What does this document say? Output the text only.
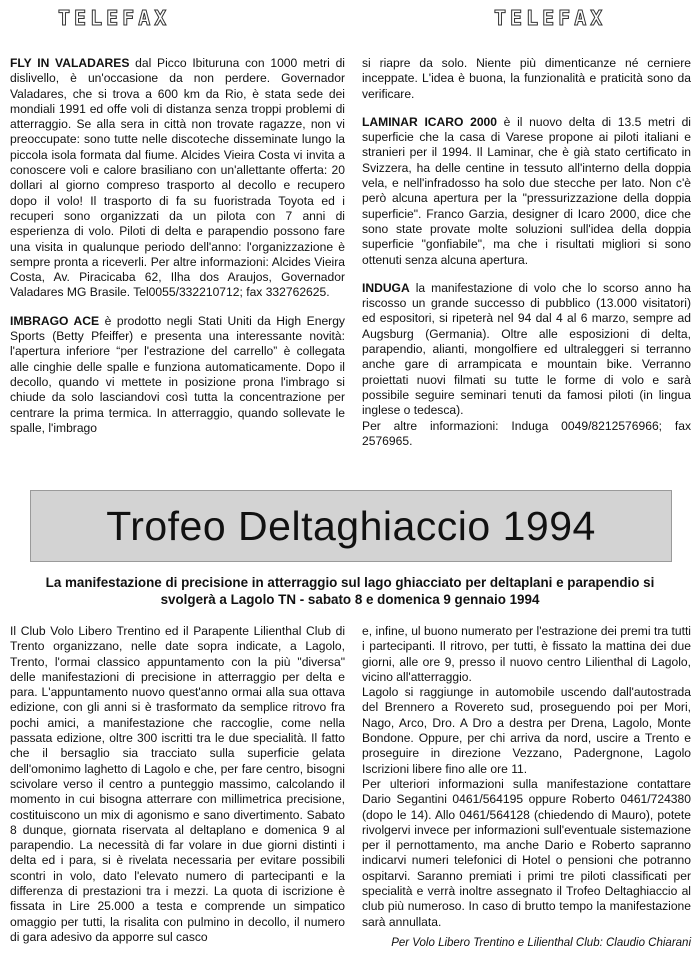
TELEFAX	TELEFAX

FLY IN VALADARES dal Picco Ibituruna con 1000 metri di dislivello, è un'occasione da non perdere. Governador Valadares, che si trova a 600 km da Rio, è stata sede dei mondiali 1991 ed offe voli di distanza senza troppi problemi di atterraggio. Se alla sera in città non trovate ragazze, non vi preoccupate: sono tutte nelle discoteche disseminate lungo la piccola isola formata dal fiume. Alcides Vieira Costa vi invita a conoscere voli e calore brasiliano con un'allettante offerta: 20 dollari al giorno compreso trasporto al decollo e recupero dopo il volo! Il trasporto di fa su fuoristrada Toyota ed i recuperi sono organizzati da un pilota con 7 anni di esperienza di volo. Piloti di delta e parapendio possono fare una visita in qualunque periodo dell'anno: l'organizzazione è sempre pronta a riceverli. Per altre informazioni: Alcides Vieira Costa, Av. Piracicaba 62, Ilha dos Araujos, Governador Valadares MG Brasile. Tel0055/332210712; fax 332762625.

IMBRAGO ACE è prodotto negli Stati Uniti da High Energy Sports (Betty Pfeiffer) e presenta una interessante novità: l'apertura inferiore “per l'estrazione del carrello” è collegata alle cinghie delle spalle e funziona automaticamente. Dopo il decollo, quando vi mettete in posizione prona l'imbrago si chiude da solo lasciandovi così tutta la concentrazione per centrare la prima termica. In atterraggio, quando sollevate le spalle, l'imbrago

si riapre da solo. Niente più dimenticanze né cerniere inceppate. L'idea è buona, la funzionalità e praticità sono da verificare.

LAMINAR ICARO 2000 è il nuovo delta di 13.5 metri di superficie che la casa di Varese propone ai piloti italiani e stranieri per il 1994. Il Laminar, che è già stato certificato in Svizzera, ha delle centine in tessuto all'interno della doppia vela, e nell'infradosso ha solo due stecche per lato. Non c'è però alcuna apertura per la "pressurizzazione della doppia superficie". Franco Garzia, designer di Icaro 2000, dice che sono state provate molte soluzioni sull'idea della doppia superficie "gonfiabile", ma che i risultati migliori si sono ottenuti senza alcuna apertura.

INDUGA la manifestazione di volo che lo scorso anno ha riscosso un grande successo di pubblico (13.000 visitatori) ed espositori, si ripeterà nel 94 dal 4 al 6 marzo, sempre ad Augsburg (Germania). Oltre alle esposizioni di delta, parapendio, alianti, mongolfiere ed ultraleggeri si terranno anche gare di arrampicata e mountain bike. Verranno proiettati nuovi filmati su tutte le forme di volo e sarà possibile seguire seminari tenuti da famosi piloti (in lingua inglese o tedesca).
Per altre informazioni: Induga 0049/8212576966; fax 2576965.

Trofeo Deltaghiaccio 1994
La manifestazione di precisione in atterraggio sul lago ghiacciato per deltaplani e parapendio si svolgerà a Lagolo TN - sabato 8 e domenica 9 gennaio 1994

Il Club Volo Libero Trentino ed il Parapente Lilienthal Club di Trento organizzano, nelle date sopra indicate, a Lagolo, Trento, l'ormai classico appuntamento con la più "diversa" delle manifestazioni di precisione in atterraggio per delta e para. L'appuntamento nuovo quest'anno ormai alla sua ottava edizione, con gli anni si è trasformato da semplice ritrovo fra pochi amici, a manifestazione che raccoglie, come nella passata edizione, oltre 300 iscritti tra le due specialità. Il fatto che il bersaglio sia tracciato sulla superficie gelata dell'omonimo laghetto di Lagolo e che, per fare centro, bisogni scivolare verso il centro a punteggio massimo, calcolando il momento in cui bisogna atterrare con millimetrica precisione, costituiscono un mix di agonismo e sano divertimento. Sabato 8 dunque, giornata riservata al deltaplano e domenica 9 al parapendio. La necessità di far volare in due giorni distinti i delta ed i para, si è rivelata necessaria per evitare possibili scontri in volo, dato l'elevato numero di partecipanti e la differenza di prestazioni tra i mezzi. La quota di iscrizione è fissata in Lire 25.000 a testa e comprende un simpatico omaggio per tutti, la risalita con pulmino in decollo, il numero di gara adesivo da apporre sul casco

e, infine, ul buono numerato per l'estrazione dei premi tra tutti i partecipanti. Il ritrovo, per tutti, è fissato la mattina dei due giorni, alle ore 9, presso il nuovo centro Lilienthal di Lagolo, vicino all'atterraggio.

Lagolo si raggiunge in automobile uscendo dall'autostrada del Brennero a Rovereto sud, proseguendo poi per Mori, Nago, Arco, Dro. A Dro a destra per Drena, Lagolo, Monte Bondone. Oppure, per chi arriva da nord, uscire a Trento e proseguire in direzione Vezzano, Padergnone, Lagolo Iscrizioni libere fino alle ore 11.

Per ulteriori informazioni sulla manifestazione contattare Dario Segantini 0461/564195 oppure Roberto 0461/724380 (dopo le 14). Allo 0461/564128 (chiedendo di Mauro), potete rivolgervi invece per informazioni sull'eventuale sistemazione per il pernottamento, ma anche Dario e Roberto sapranno indicarvi numeri telefonici di Hotel o pensioni che potranno ospitarvi. Saranno premiati i primi tre piloti classificati per specialità e verrà inoltre assegnato il Trofeo Deltaghiaccio al club più numeroso. In caso di brutto tempo la manifestazione sarà annullata.

Per Volo Libero Trentino e Lilienthal Club: Claudio Chiarani
